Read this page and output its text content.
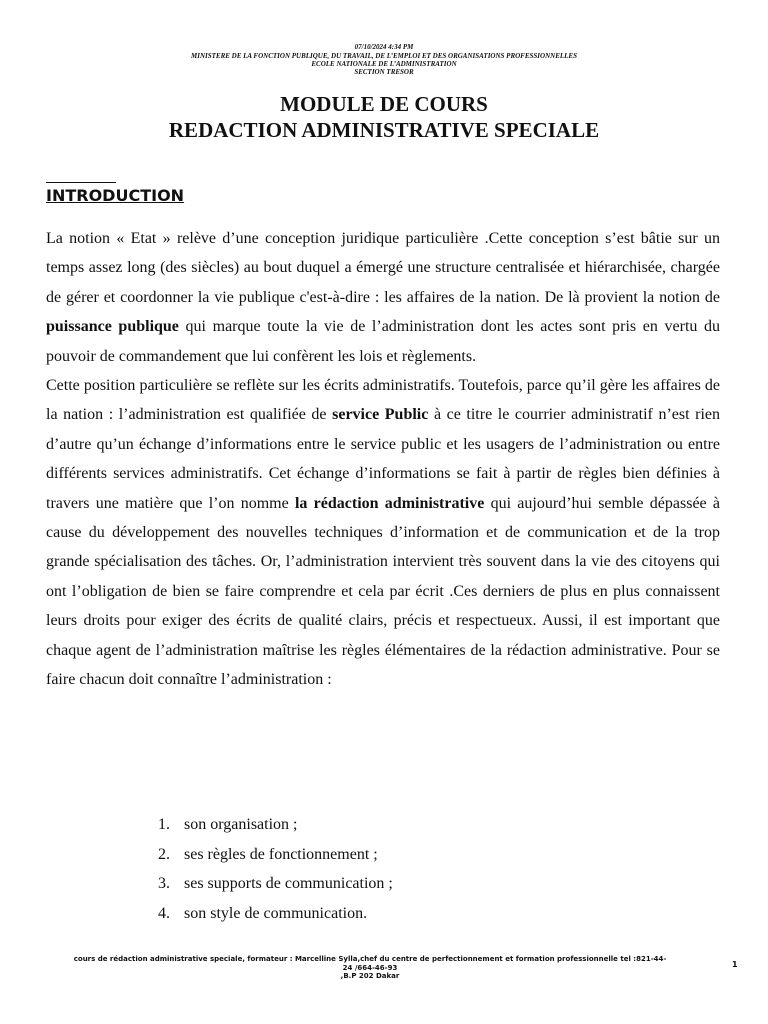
07/10/2024 4:34 PM
MINISTERE DE LA FONCTION PUBLIQUE, DU TRAVAIL, DE L’EMPLOI ET DES ORGANISATIONS PROFESSIONNELLES
ECOLE NATIONALE DE L’ADMINISTRATION
SECTION TRESOR
MODULE DE COURS
REDACTION ADMINISTRATIVE SPECIALE
INTRODUCTION

La notion « Etat » relève d’une conception juridique particulière .Cette conception s’est bâtie sur un temps assez long (des siècles) au bout duquel a émergé une structure centralisée et hiérarchisée, chargée de gérer et coordonner la vie publique c'est-à-dire : les affaires de la nation. De là provient la notion de puissance publique qui marque toute la vie de l’administration dont les actes sont pris en vertu du pouvoir de commandement que lui confèrent les lois et règlements.

Cette position particulière se reflète sur les écrits administratifs. Toutefois, parce qu’il gère les affaires de la nation : l’administration est qualifiée de service Public à ce titre le courrier administratif n’est rien d’autre qu’un échange d’informations entre le service public et les usagers de l’administration ou entre différents services administratifs. Cet échange d’informations se fait à partir de règles bien définies à travers une matière que l’on nomme la rédaction administrative qui aujourd’hui semble dépassée à cause du développement des nouvelles techniques d’information et de communication et de la trop grande spécialisation des tâches. Or, l’administration intervient très souvent dans la vie des citoyens qui ont l’obligation de bien se faire comprendre et cela par écrit .Ces derniers de plus en plus connaissent leurs droits pour exiger des écrits de qualité clairs, précis et respectueux. Aussi, il est important que chaque agent de l’administration maîtrise les règles élémentaires de la rédaction administrative. Pour se faire chacun doit connaître l’administration :

1. son organisation ;
2. ses règles de fonctionnement ;
3. ses supports de communication ;
4. son style de communication.
cours de rédaction administrative speciale, formateur : Marcelline Sylla,chef du centre de perfectionnement et formation professionnelle tel :821-44-
24 /664-46-93
,B.P 202 Dakar
1
